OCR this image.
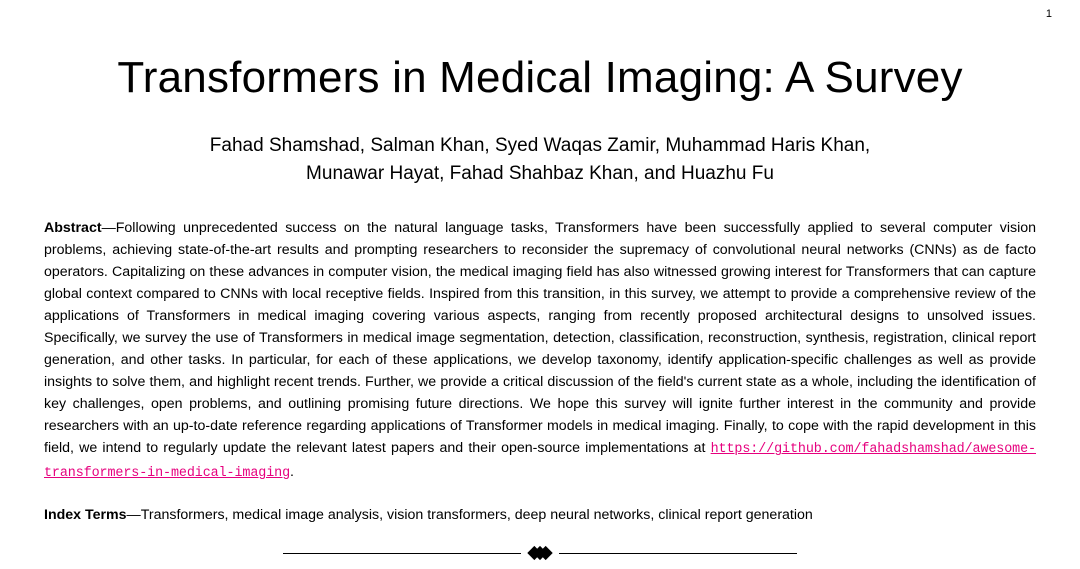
1
Transformers in Medical Imaging: A Survey
Fahad Shamshad, Salman Khan, Syed Waqas Zamir, Muhammad Haris Khan,
Munawar Hayat, Fahad Shahbaz Khan, and Huazhu Fu
Abstract—Following unprecedented success on the natural language tasks, Transformers have been successfully applied to several computer vision problems, achieving state-of-the-art results and prompting researchers to reconsider the supremacy of convolutional neural networks (CNNs) as de facto operators. Capitalizing on these advances in computer vision, the medical imaging field has also witnessed growing interest for Transformers that can capture global context compared to CNNs with local receptive fields. Inspired from this transition, in this survey, we attempt to provide a comprehensive review of the applications of Transformers in medical imaging covering various aspects, ranging from recently proposed architectural designs to unsolved issues. Specifically, we survey the use of Transformers in medical image segmentation, detection, classification, reconstruction, synthesis, registration, clinical report generation, and other tasks. In particular, for each of these applications, we develop taxonomy, identify application-specific challenges as well as provide insights to solve them, and highlight recent trends. Further, we provide a critical discussion of the field's current state as a whole, including the identification of key challenges, open problems, and outlining promising future directions. We hope this survey will ignite further interest in the community and provide researchers with an up-to-date reference regarding applications of Transformer models in medical imaging. Finally, to cope with the rapid development in this field, we intend to regularly update the relevant latest papers and their open-source implementations at https://github.com/fahadshamshad/awesome-transformers-in-medical-imaging.
Index Terms—Transformers, medical image analysis, vision transformers, deep neural networks, clinical report generation
